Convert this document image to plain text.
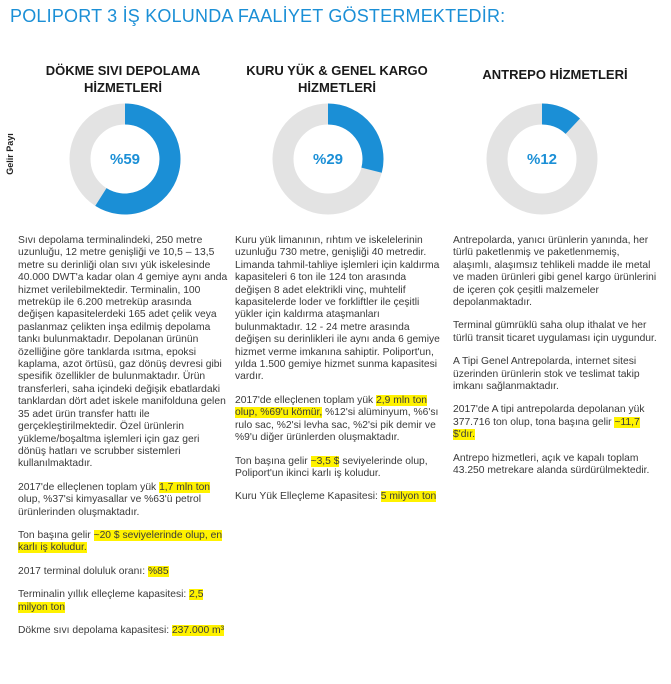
POLIPORT 3 İŞ KOLUNDA FAALİYET GÖSTERMEKTEDİR:
Gelir Payı
DÖKME SIVI DEPOLAMA
HİZMETLERİ
%59

Sıvı depolama terminalindeki, 250 metre uzunluğu, 12 metre genişliği ve 10,5 – 13,5 metre su derinliği olan sıvı yük iskelesinde 40.000 DWT'a kadar olan 4 gemiye aynı anda hizmet verilebilmektedir. Terminalin, 100 metreküp ile 6.200 metreküp arasında değişen kapasitelerdeki 165 adet çelik veya paslanmaz çelikten inşa edilmiş depolama tankı bulunmaktadır. Depolanan ürünün özelliğine göre tanklarda ısıtma, epoksi kaplama, azot örtüsü, gaz dönüş devresi gibi spesifik özellikler de bulunmaktadır. Ürün transferleri, saha içindeki değişik ebatlardaki tanklardan dört adet iskele manifolduna gelen 35 adet ürün transfer hattı ile gerçekleştirilmektedir. Özel ürünlerin yükleme/boşaltma işlemleri için gaz geri dönüş hatları ve scrubber sistemleri kullanılmaktadır.

2017'de elleçlenen toplam yük 1,7 mln ton olup, %37'si kimyasallar ve %63'ü petrol ürünlerinden oluşmaktadır.

Ton başına gelir ~20 $ seviyelerinde olup, en karlı iş koludur.

2017 terminal doluluk oranı: %85

Terminalin yıllık elleçleme kapasitesi: 2,5 milyon ton

Dökme sıvı depolama kapasitesi: 237.000 m³

KURU YÜK & GENEL KARGO
HİZMETLERİ
%29

Kuru yük limanının, rıhtım ve iskelelerinin uzunluğu 730 metre, genişliği 40 metredir. Limanda tahmil-tahliye işlemleri için kaldırma kapasiteleri 6 ton ile 124 ton arasında değişen 8 adet elektrikli vinç, muhtelif kapasitelerde loder ve forkliftler ile çeşitli yükler için kaldırma ataşmanları bulunmaktadır. 12 - 24 metre arasında değişen su derinlikleri ile aynı anda 6 gemiye hizmet verme imkanına sahiptir. Poliport'un, yılda 1.500 gemiye hizmet sunma kapasitesi vardır.

2017'de elleçlenen toplam yük 2,9 mln ton olup, %69'u kömür, %12'si alüminyum, %6'sı rulo sac, %2'si levha sac, %2'si pik demir ve %9'u diğer ürünlerden oluşmaktadır.

Ton başına gelir ~3,5 $ seviyelerinde olup, Poliport'un ikinci karlı iş koludur.

Kuru Yük Elleçleme Kapasitesi: 5 milyon ton

ANTREPO HİZMETLERİ
%12

Antrepolarda, yanıcı ürünlerin yanında, her türlü paketlenmiş ve paketlenmemiş, alaşımlı, alaşımsız tehlikeli madde ile metal ve maden ürünleri gibi genel kargo ürünlerini de içeren çok çeşitli malzemeler depolanmaktadır.

Terminal gümrüklü saha olup ithalat ve her türlü transit ticaret uygulaması için uygundur.

A Tipi Genel Antrepolarda, internet sitesi üzerinden ürünlerin stok ve teslimat takip imkanı sağlanmaktadır.

2017'de A tipi antrepolarda depolanan yük 377.716 ton olup, tona başına gelir ~11,7 $'dır.

Antrepo hizmetleri, açık ve kapalı toplam 43.250 metrekare alanda sürdürülmektedir.
